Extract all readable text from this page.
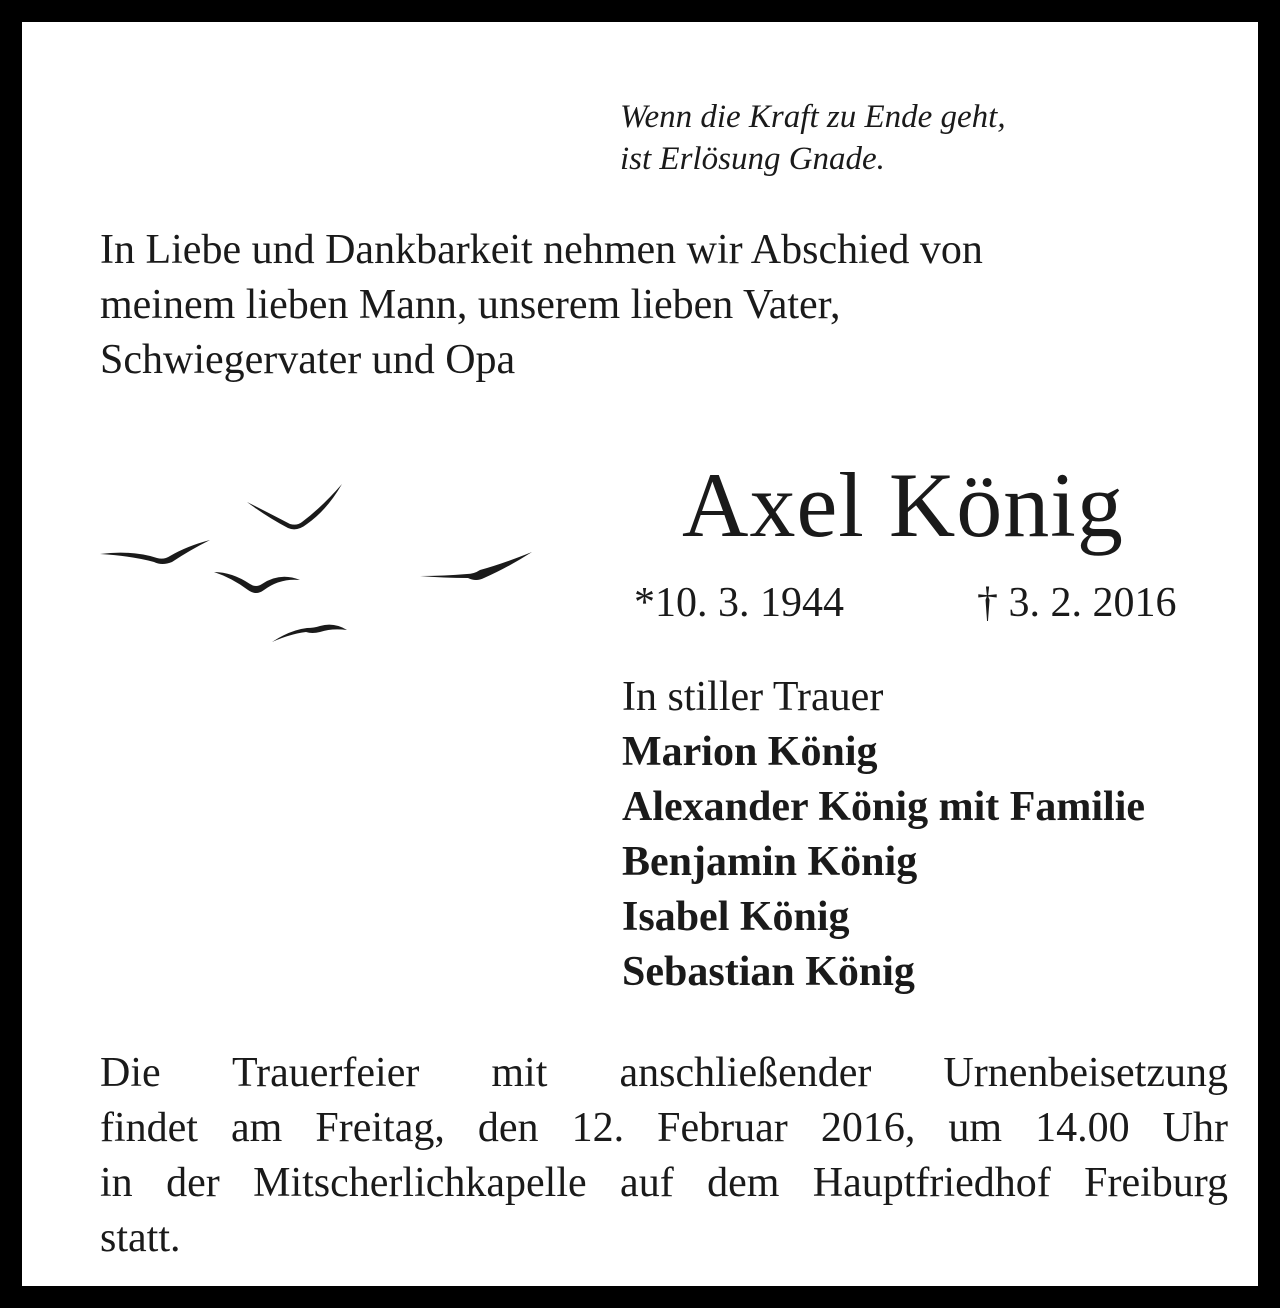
Wenn die Kraft zu Ende geht,
ist Erlösung Gnade.
In Liebe und Dankbarkeit nehmen wir Abschied von
meinem lieben Mann, unserem lieben Vater,
Schwiegervater und Opa
Axel König
*10. 3. 1944	† 3. 2. 2016
In stiller Trauer
Marion König
Alexander König mit Familie
Benjamin König
Isabel König
Sebastian König
Die Trauerfeier mit anschließender Urnenbeisetzung
findet am Freitag, den 12. Februar 2016, um 14.00 Uhr
in der Mitscherlichkapelle auf dem Hauptfriedhof Freiburg
statt.
